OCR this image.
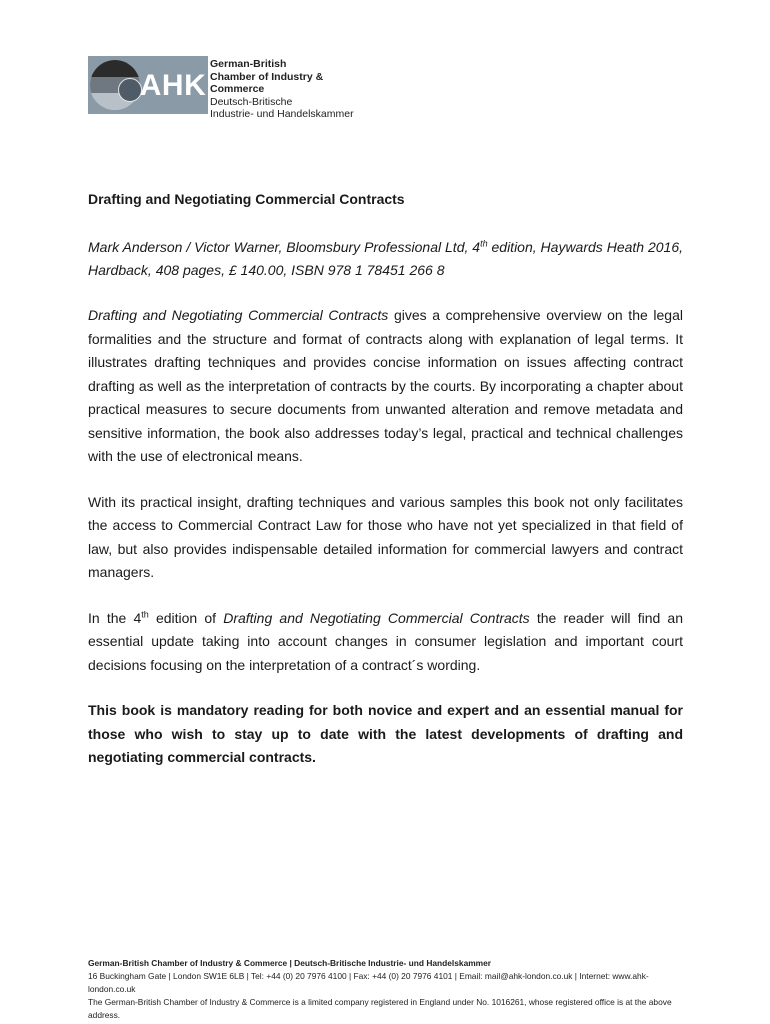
AHK
German-British
Chamber of Industry & Commerce
Deutsch-Britische
Industrie- und Handelskammer

Drafting and Negotiating Commercial Contracts

Mark Anderson / Victor Warner, Bloomsbury Professional Ltd, 4th edition, Haywards Heath 2016, Hardback, 408 pages, £ 140.00, ISBN 978 1 78451 266 8

Drafting and Negotiating Commercial Contracts gives a comprehensive overview on the legal formalities and the structure and format of contracts along with explanation of legal terms. It illustrates drafting techniques and provides concise information on issues affecting contract drafting as well as the interpretation of contracts by the courts. By incorporating a chapter about practical measures to secure documents from unwanted alteration and remove metadata and sensitive information, the book also addresses today’s legal, practical and technical challenges with the use of electronical means.

With its practical insight, drafting techniques and various samples this book not only facilitates the access to Commercial Contract Law for those who have not yet specialized in that field of law, but also provides indispensable detailed information for commercial lawyers and contract managers.

In the 4th edition of Drafting and Negotiating Commercial Contracts the reader will find an essential update taking into account changes in consumer legislation and important court decisions focusing on the interpretation of a contract´s wording.

This book is mandatory reading for both novice and expert and an essential manual for those who wish to stay up to date with the latest developments of drafting and negotiating commercial contracts.

German-British Chamber of Industry & Commerce | Deutsch-Britische Industrie- und Handelskammer
16 Buckingham Gate | London SW1E 6LB | Tel: +44 (0) 20 7976 4100 | Fax: +44 (0) 20 7976 4101 | Email: mail@ahk-london.co.uk | Internet: www.ahk-london.co.uk
The German-British Chamber of Industry & Commerce is a limited company registered in England under No. 1016261, whose registered office is at the above address.
